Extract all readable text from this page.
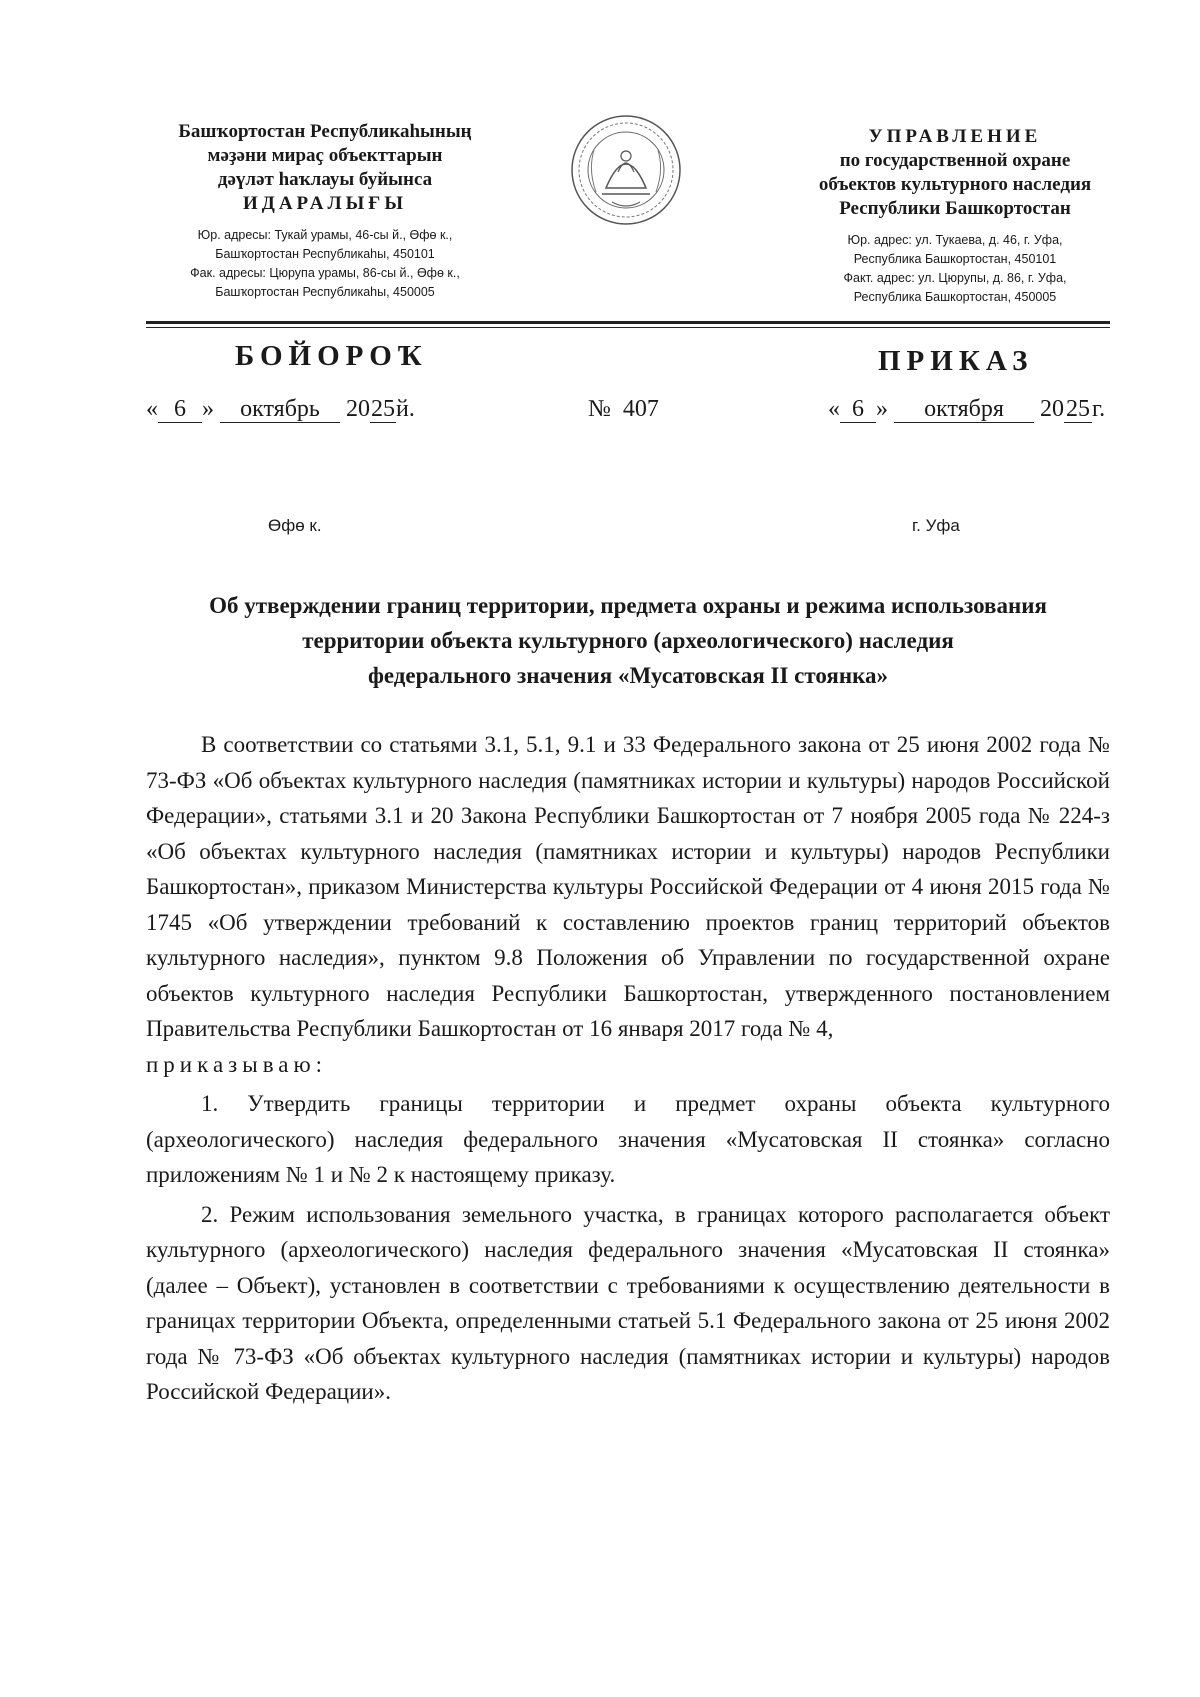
Башҡортостан Республикаһының
мәҙәни мираҫ объекттарын
дәүләт һаҡлауы буйынса
ИДАРАЛЫҒЫ
Юр. адресы: Тукай урамы, 46-сы й., Өфө к.,
Башҡортостан Республикаһы, 450101
Фак. адресы: Цюрупа урамы, 86-сы й., Өфө к.,
Башҡортостан Республикаһы, 450005
УПРАВЛЕНИЕ
по государственной охране
объектов культурного наследия
Республики Башкортостан
Юр. адрес: ул. Тукаева, д. 46, г. Уфа,
Республика Башкортостан, 450101
Факт. адрес: ул. Цюрупы, д. 86, г. Уфа,
Республика Башкортостан, 450005
БОЙОРОҠ	ПРИКАЗ
« 6 » октябрь 2025й.	№ 407	« 6 » октября 2025г.
Өфө к.	г. Уфа
Об утверждении границ территории, предмета охраны и режима использования
территории объекта культурного (археологического) наследия
федерального значения «Мусатовская II стоянка»

В соответствии со статьями 3.1, 5.1, 9.1 и 33 Федерального закона от 25 июня 2002 года № 73-ФЗ «Об объектах культурного наследия (памятниках истории и культуры) народов Российской Федерации», статьями 3.1 и 20 Закона Республики Башкортостан от 7 ноября 2005 года № 224-з «Об объектах культурного наследия (памятниках истории и культуры) народов Республики Башкортостан», приказом Министерства культуры Российской Федерации от 4 июня 2015 года № 1745 «Об утверждении требований к составлению проектов границ территорий объектов культурного наследия», пунктом 9.8 Положения об Управлении по государственной охране объектов культурного наследия Республики Башкортостан, утвержденного постановлением Правительства Республики Башкортостан от 16 января 2017 года № 4,
приказываю:

1. Утвердить границы территории и предмет охраны объекта культурного (археологического) наследия федерального значения «Мусатовская II стоянка» согласно приложениям № 1 и № 2 к настоящему приказу.

2. Режим использования земельного участка, в границах которого располагается объект культурного (археологического) наследия федерального значения «Мусатовская II стоянка» (далее – Объект), установлен в соответствии с требованиями к осуществлению деятельности в границах территории Объекта, определенными статьей 5.1 Федерального закона от 25 июня 2002 года № 73-ФЗ «Об объектах культурного наследия (памятниках истории и культуры) народов Российской Федерации».
